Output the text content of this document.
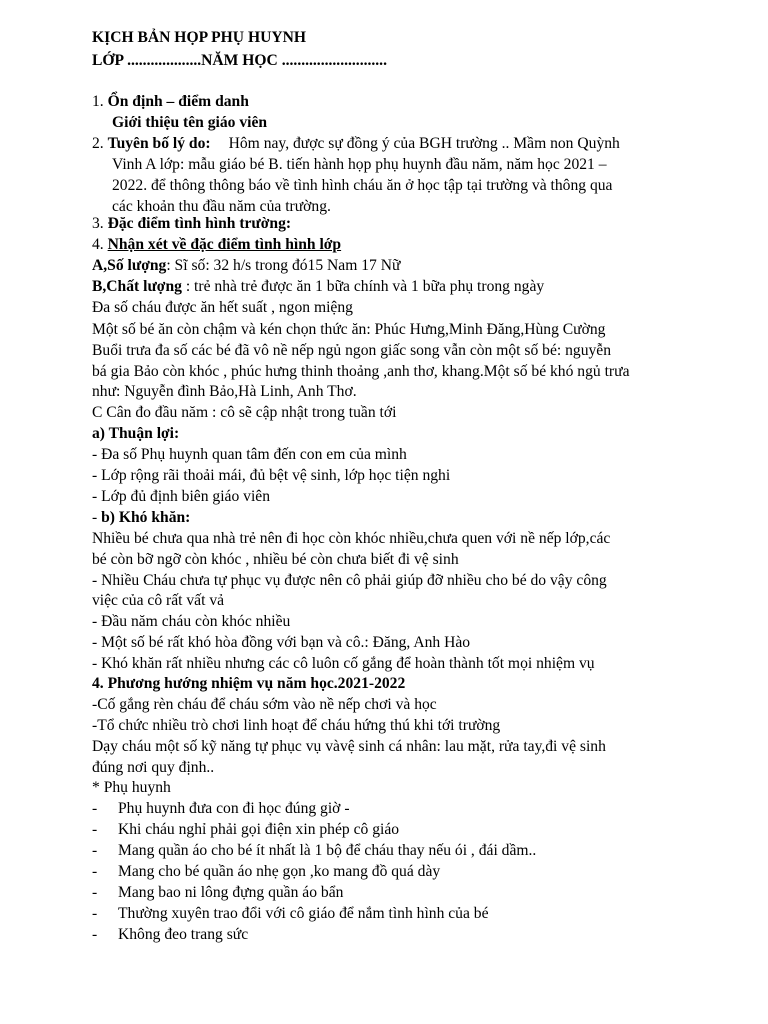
KỊCH BẢN HỌP PHỤ HUYNH
LỚP ...................NĂM HỌC ...........................
1. Ổn định – điểm danh
Giới thiệu tên giáo viên
2. Tuyên bố lý do: Hôm nay, được sự đồng ý của BGH trường .. Mầm non Quỳnh
Vinh A lớp: mẫu giáo bé B. tiến hành họp phụ huynh đầu năm, năm học 2021 –
2022. để thông thông báo về tình hình cháu ăn ở học tập tại trường và thông qua
các khoản thu đầu năm của trường.
3. Đặc điểm tình hình trường:
4. Nhận xét về đặc điểm tình hình lớp
A,Số lượng: Sĩ số: 32 h/s trong đó15 Nam 17 Nữ
B,Chất lượng : trẻ nhà trẻ được ăn 1 bữa chính và 1 bữa phụ trong ngày
Đa số cháu được ăn hết suất , ngon miệng
Một số bé ăn còn chậm và kén chọn thức ăn: Phúc Hưng,Minh Đăng,Hùng Cường
Buổi trưa đa số các bé đã vô nề nếp ngủ ngon giấc song vẫn còn một số bé: nguyễn
bá gia Bảo còn khóc , phúc hưng thinh thoảng ,anh thơ, khang.Một số bé khó ngủ trưa
như: Nguyễn đình Bảo,Hà Linh, Anh Thơ.
C Cân đo đầu năm : cô sẽ cập nhật trong tuần tới
a) Thuận lợi:
- Đa số Phụ huynh quan tâm đến con em của mình
- Lớp rộng rãi thoải mái, đủ bệt vệ sinh, lớp học tiện nghi
- Lớp đủ định biên giáo viên
- b) Khó khăn:
Nhiều bé chưa qua nhà trẻ nên đi học còn khóc nhiều,chưa quen với nề nếp lớp,các
bé còn bỡ ngỡ còn khóc , nhiều bé còn chưa biết đi vệ sinh
- Nhiều Cháu chưa tự phục vụ được nên cô phải giúp đỡ nhiều cho bé do vậy công
việc của cô rất vất vả
- Đầu năm cháu còn khóc nhiều
- Một số bé rất khó hòa đồng với bạn và cô.: Đăng, Anh Hào
- Khó khăn rất nhiều nhưng các cô luôn cố gắng để hoàn thành tốt mọi nhiệm vụ
4. Phương hướng nhiệm vụ năm học.2021-2022
-Cố gắng rèn cháu để cháu sớm vào nề nếp chơi và học
-Tổ chức nhiều trò chơi linh hoạt để cháu hứng thú khi tới trường
Dạy cháu một số kỹ năng tự phục vụ vàvệ sinh cá nhân: lau mặt, rửa tay,đi vệ sinh
đúng nơi quy định..
* Phụ huynh
- Phụ huynh đưa con đi học đúng giờ -
- Khi cháu nghỉ phải gọi điện xin phép cô giáo
- Mang quần áo cho bé ít nhất là 1 bộ để cháu thay nếu ói , đái dầm..
- Mang cho bé quần áo nhẹ gọn ,ko mang đồ quá dày
- Mang bao ni lông đựng quần áo bẩn
- Thường xuyên trao đổi với cô giáo để nắm tình hình của bé
- Không đeo trang sức
